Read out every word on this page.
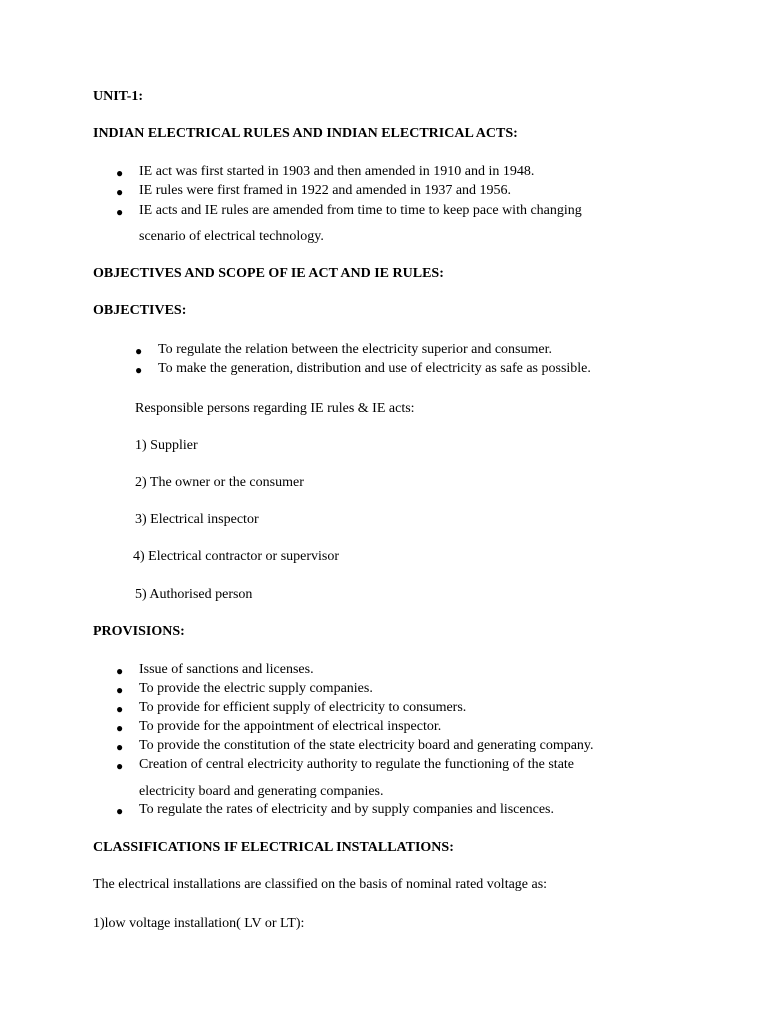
UNIT-1:
INDIAN ELECTRICAL RULES AND INDIAN ELECTRICAL ACTS:
● IE act was first started in 1903 and then amended in 1910 and in 1948.
● IE rules were first framed in 1922 and amended in 1937 and 1956.
● IE acts and IE rules are amended from time to time to keep pace with changing
scenario of electrical technology.
OBJECTIVES AND SCOPE OF IE ACT AND IE RULES:
OBJECTIVES:
● To regulate the relation between the electricity superior and consumer.
● To make the generation, distribution and use of electricity as safe as possible.
Responsible persons regarding IE rules & IE acts:
1) Supplier
2) The owner or the consumer
3) Electrical inspector
4) Electrical contractor or supervisor
5) Authorised person
PROVISIONS:
● Issue of sanctions and licenses.
● To provide the electric supply companies.
● To provide for efficient supply of electricity to consumers.
● To provide for the appointment of electrical inspector.
● To provide the constitution of the state electricity board and generating company.
● Creation of central electricity authority to regulate the functioning of the state
electricity board and generating companies.
● To regulate the rates of electricity and by supply companies and liscences.
CLASSIFICATIONS IF ELECTRICAL INSTALLATIONS:
The electrical installations are classified on the basis of nominal rated voltage as:
1)low voltage installation( LV or LT):
